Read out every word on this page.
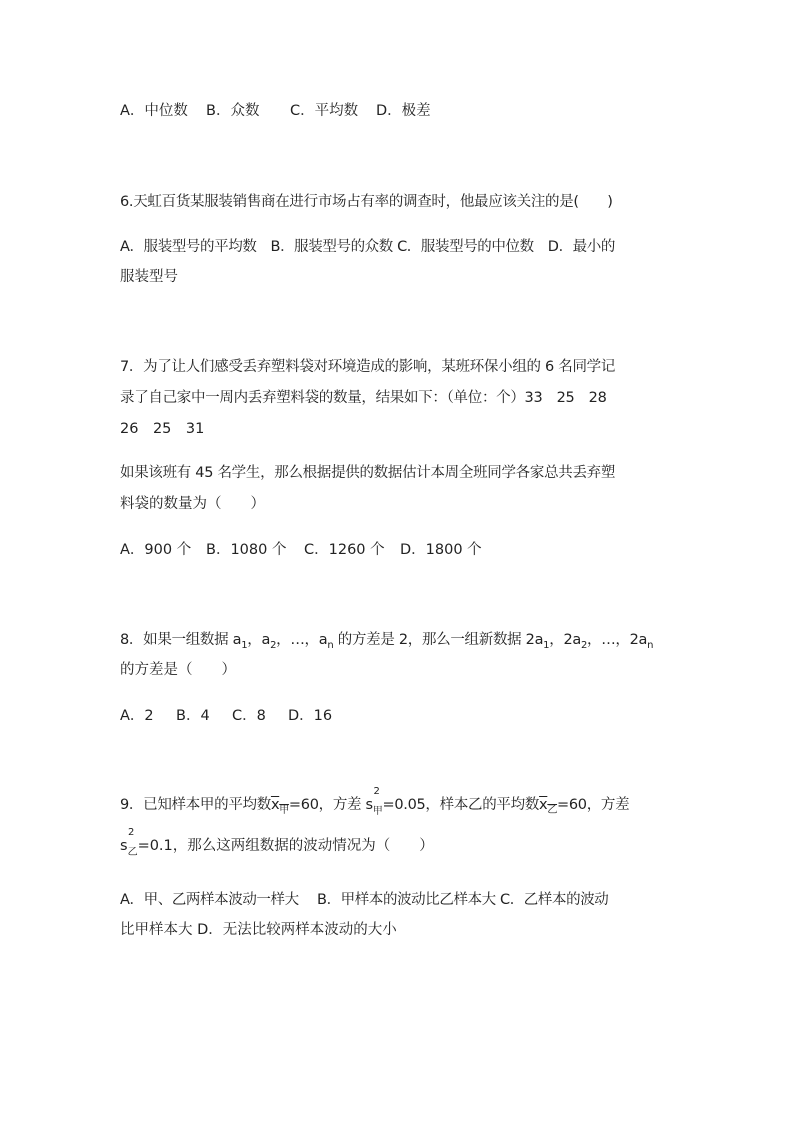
A．中位数 B．众数 C．平均数 D．极差
6.天虹百货某服装销售商在进行市场占有率的调查时，他最应该关注的是(　　)
A．服装型号的平均数　B．服装型号的众数 C．服装型号的中位数　D．最小的
服装型号
7．为了让人们感受丢弃塑料袋对环境造成的影响，某班环保小组的 6 名同学记
录了自己家中一周内丢弃塑料袋的数量，结果如下：（单位：个）33　25　28
26　25　31
如果该班有 45 名学生，那么根据提供的数据估计本周全班同学各家总共丢弃塑
料袋的数量为（　　）
A．900 个 B．1080 个 C．1260 个 D．1800 个
8．如果一组数据 $a_1$，$a_2$，…，$a_n$ 的方差是 2，那么一组新数据 $2a_1$，$2a_2$，…，$2a_n$
的方差是（　　）
A．2 B．4 C．8 D．16
9．已知样本甲的平均数$x_甲=60$，方差 s
2
$_甲$=0.05，样本乙的平均数$x_乙=60$，方差
s
2
$_乙$=0.1，那么这两组数据的波动情况为（　　）
A．甲、乙两样本波动一样大　 B．甲样本的波动比乙样本大 C．乙样本的波动
比甲样本大 D．无法比较两样本波动的大小
